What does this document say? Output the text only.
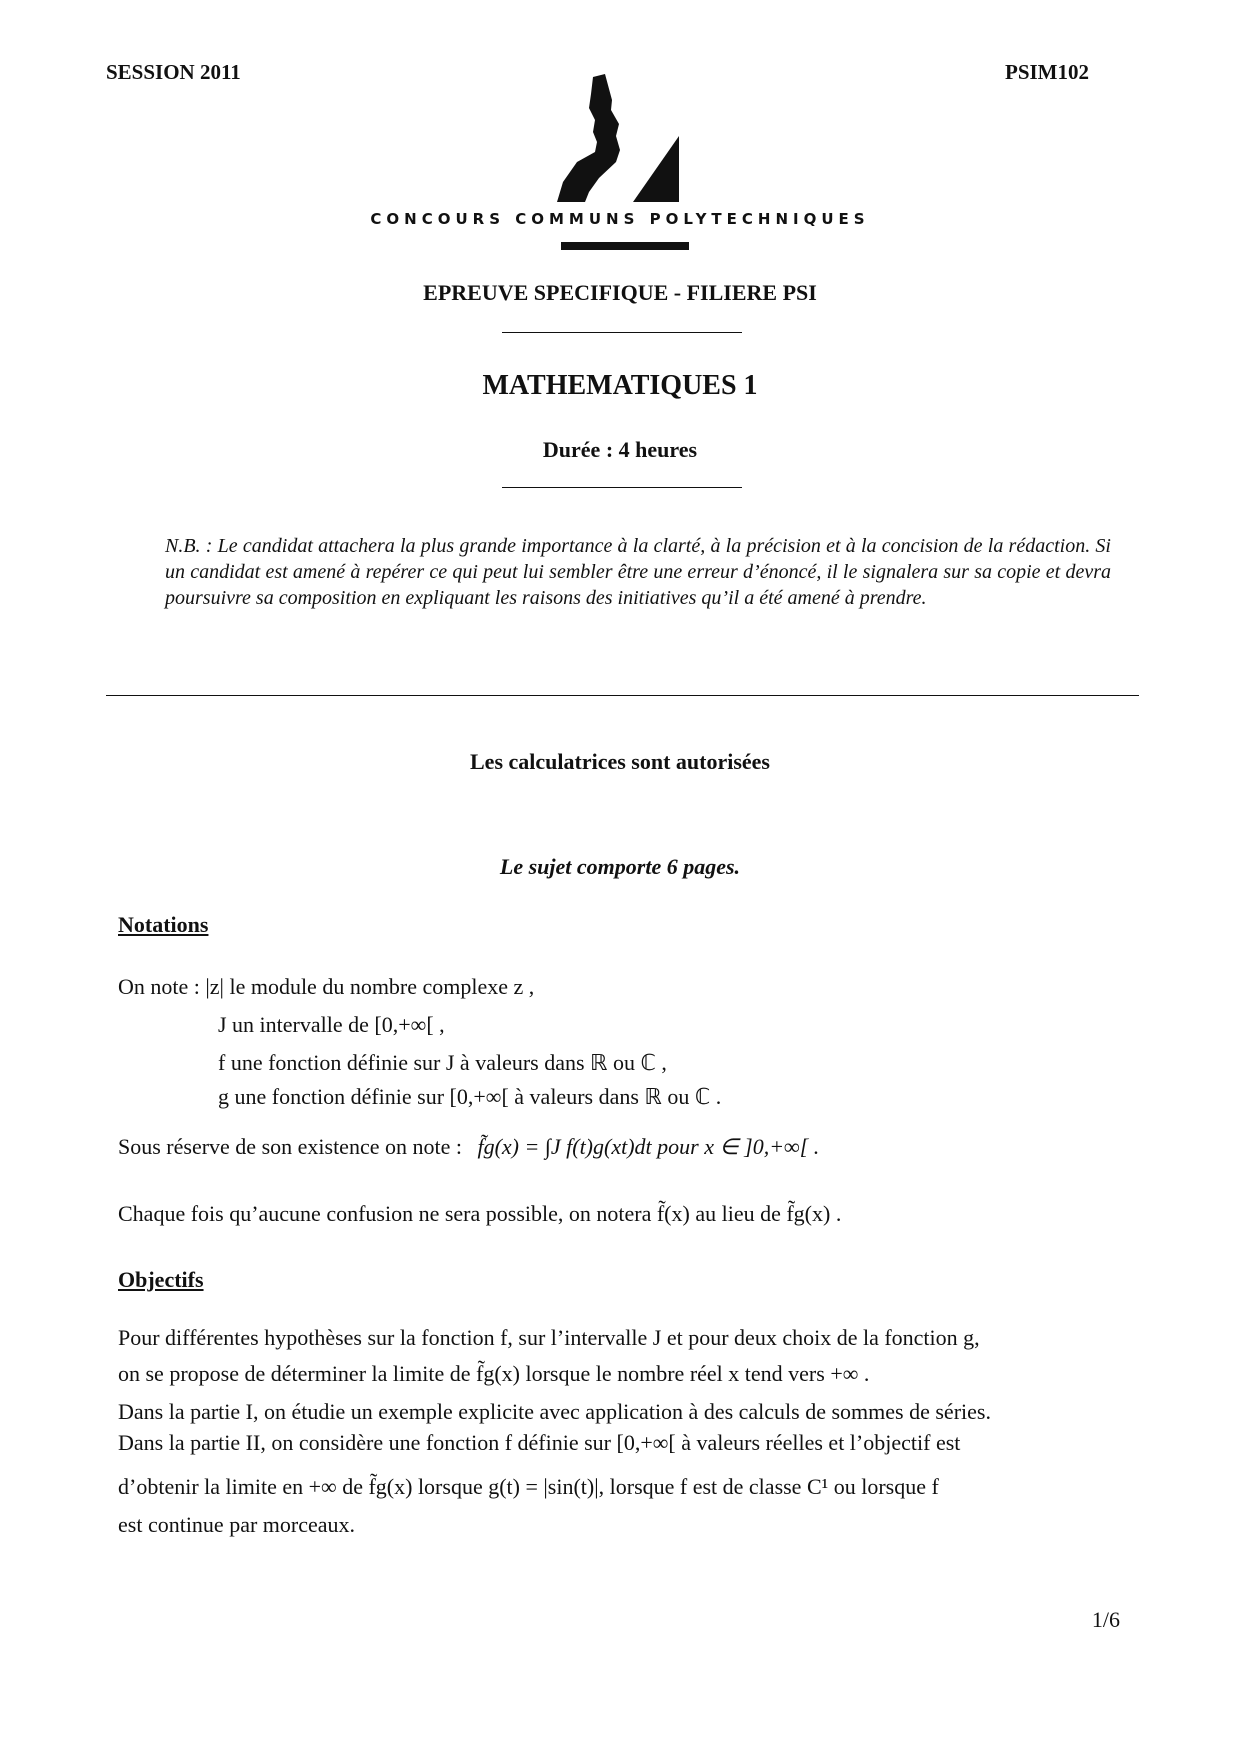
SESSION 2011	PSIM102
CONCOURS COMMUNS POLYTECHNIQUES
EPREUVE SPECIFIQUE - FILIERE PSI
MATHEMATIQUES 1
Durée : 4 heures
N.B. : Le candidat attachera la plus grande importance à la clarté, à la précision et à la concision de la rédaction. Si un candidat est amené à repérer ce qui peut lui sembler être une erreur d’énoncé, il le signalera sur sa copie et devra poursuivre sa composition en expliquant les raisons des initiatives qu’il a été amené à prendre.
Les calculatrices sont autorisées
Le sujet comporte 6 pages.
Notations
On note : |z| le module du nombre complexe z ,
J un intervalle de [0,+∞[ ,
f une fonction définie sur J à valeurs dans ℝ ou ℂ ,
g une fonction définie sur [0,+∞[ à valeurs dans ℝ ou ℂ .
Sous réserve de son existence on note : f̃g(x) = ∫J f(t)g(xt)dt pour x ∈ ]0,+∞[ .
Chaque fois qu’aucune confusion ne sera possible, on notera f̃(x) au lieu de f̃g(x) .
Objectifs
Pour différentes hypothèses sur la fonction f, sur l’intervalle J et pour deux choix de la fonction g,
on se propose de déterminer la limite de f̃g(x) lorsque le nombre réel x tend vers +∞ .
Dans la partie I, on étudie un exemple explicite avec application à des calculs de sommes de séries.
Dans la partie II, on considère une fonction f définie sur [0,+∞[ à valeurs réelles et l’objectif est
d’obtenir la limite en +∞ de f̃g(x) lorsque g(t) = |sin(t)|, lorsque f est de classe C¹ ou lorsque f
est continue par morceaux.
1/6
